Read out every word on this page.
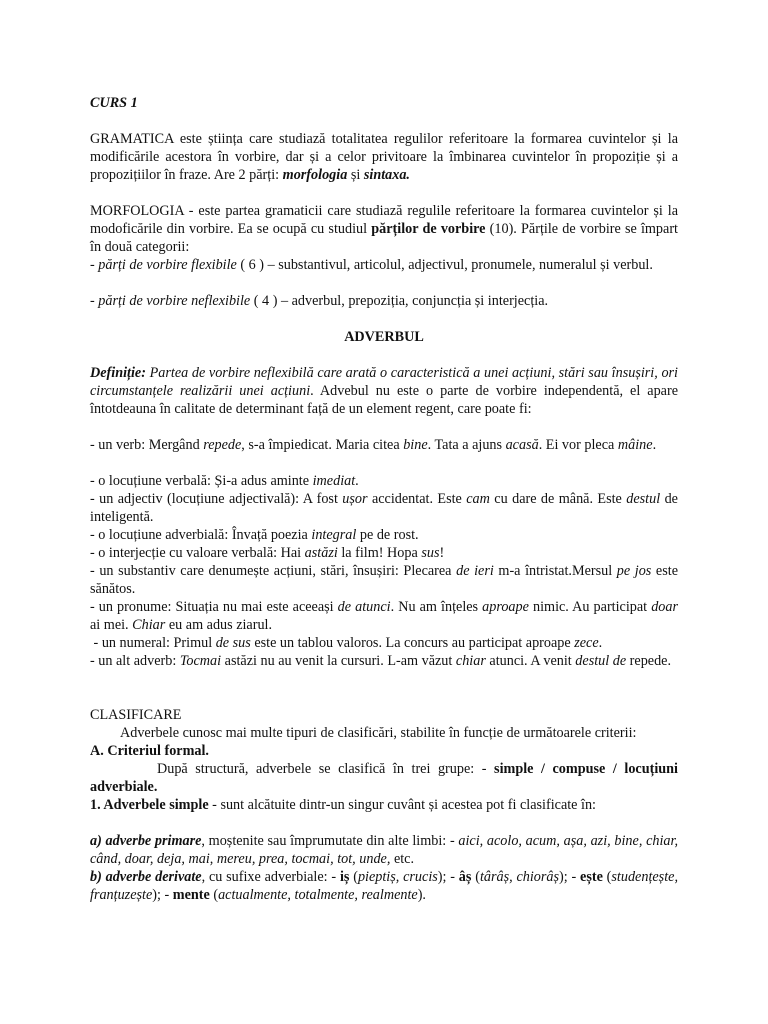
CURS 1

GRAMATICA este știința care studiază totalitatea regulilor referitoare la formarea cuvintelor și la modificările acestora în vorbire, dar și a celor privitoare la îmbinarea cuvintelor în propoziție și a propozițiilor în fraze. Are 2 părți: morfologia și sintaxa.

MORFOLOGIA - este partea gramaticii care studiază regulile referitoare la formarea cuvintelor și la modoficările din vorbire. Ea se ocupă cu studiul părților de vorbire (10). Părțile de vorbire se împart în două categorii:

- părți de vorbire flexibile ( 6 ) – substantivul, articolul, adjectivul, pronumele, numeralul și verbul.

- părți de vorbire neflexibile ( 4 ) – adverbul, prepoziția, conjuncția și interjecția.

ADVERBUL

Definiție: Partea de vorbire neflexibilă care arată o caracteristică a unei acțiuni, stări sau însușiri, ori circumstanțele realizării unei acțiuni. Advebul nu este o parte de vorbire independentă, el apare întotdeauna în calitate de determinant față de un element regent, care poate fi:

- un verb: Mergând repede, s-a împiedicat. Maria citea bine. Tata a ajuns acasă. Ei vor pleca mâine.

- o locuțiune verbală: Și-a adus aminte imediat.

- un adjectiv (locuțiune adjectivală): A fost ușor accidentat. Este cam cu dare de mână. Este destul de inteligentă.

- o locuțiune adverbială: Învață poezia integral pe de rost.

- o interjecție cu valoare verbală: Hai astăzi la film! Hopa sus!

- un substantiv care denumește acțiuni, stări, însușiri: Plecarea de ieri m-a întristat.Mersul pe jos este sănătos.

- un pronume: Situația nu mai este aceeași de atunci. Nu am înțeles aproape nimic. Au participat doar ai mei. Chiar eu am adus ziarul.

- un numeral: Primul de sus este un tablou valoros. La concurs au participat aproape zece.

- un alt adverb: Tocmai astăzi nu au venit la cursuri. L-am văzut chiar atunci. A venit destul de repede.

CLASIFICARE

Adverbele cunosc mai multe tipuri de clasificări, stabilite în funcție de următoarele criterii:

A. Criteriul formal.

După structură, adverbele se clasifică în trei grupe: - simple / compuse / locuțiuni adverbiale.

1. Adverbele simple - sunt alcătuite dintr-un singur cuvânt și acestea pot fi clasificate în:

a) adverbe primare, moștenite sau împrumutate din alte limbi: - aici, acolo, acum, așa, azi, bine, chiar, când, doar, deja, mai, mereu, prea, tocmai, tot, unde, etc.

b) adverbe derivate, cu sufixe adverbiale: - iș (pieptiș, crucis); - âș (târâș, chiorâș); - ește (studențește, franțuzește); - mente (actualmente, totalmente, realmente).
